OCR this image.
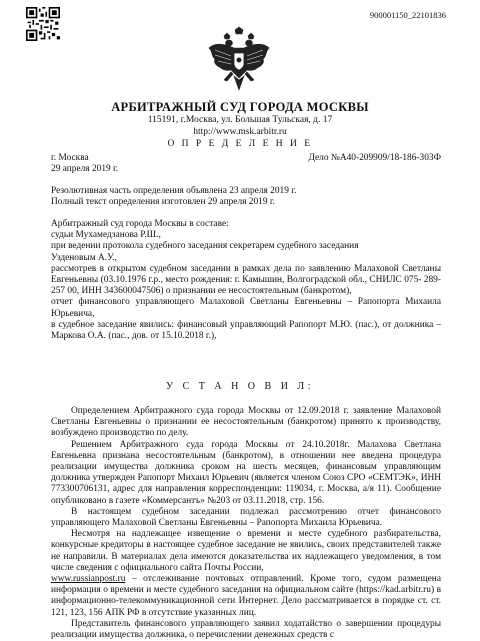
900001150_22101836
АРБИТРАЖНЫЙ СУД ГОРОДА МОСКВЫ
115191, г.Москва, ул. Большая Тульская, д. 17
http://www.msk.arbitr.ru
О П Р Е Д Е Л Е Н И Е
г. Москва	Дело №А40-209909/18-186-303Ф
29 апреля 2019 г.
Резолютивная часть определения объявлена 23 апреля 2019 г.
Полный текст определения изготовлен 29 апреля 2019 г.
Арбитражный суд города Москвы в составе:
судьи Мухамедзанова Р.Ш.,
при ведении протокола судебного заседания секретарем судебного заседания
Узденовым А.У.,

рассмотрев в открытом судебном заседании в рамках дела по заявлению Малаховой Светланы Евгеньевны (03.10.1976 г.р., место рождения: г. Камышин, Волгоградской обл., СНИЛС 075- 289-257 00, ИНН 343600047506) о признании ее несостоятельным (банкротом),

отчет финансового управляющего Малаховой Светланы Евгеньевны – Рапопорта Михаила Юрьевича,

в судебное заседание явились: финансовый управляющий Рапопорт М.Ю. (пас.), от должника – Маркова О.А. (пас., дов. от 15.10.2018 г.),

У С Т А Н О В И Л:

Определением Арбитражного суда города Москвы от 12.09.2018 г. заявление Малаховой Светланы Евгеньевны о признании ее несостоятельным (банкротом) принято к производству, возбуждено производство по делу.

Решением Арбитражного суда города Москвы от 24.10.2018г. Малахова Светлана Евгеньевна признана несостоятельным (банкротом), в отношении нее введена процедура реализации имущества должника сроком на шесть месяцев, финансовым управляющим должника утвержден Рапопорт Михаил Юрьевич (является членом Союз СРО «СЕМТЭК», ИНН 773300706131, адрес для направления корреспонденции: 119034, г. Москва, а/я 11). Сообщение опубликовано в газете «Коммерсантъ» №203 от 03.11.2018, стр. 156.

В настоящем судебном заседании подлежал рассмотрению отчет финансового управляющего Малаховой Светланы Евгеньевны – Рапопорта Михаила Юрьевича.

Несмотря на надлежащее извещение о времени и месте судебного разбирательства, конкурсные кредиторы в настоящее судебное заседание не явились, своих представителей также не направили. В материалах дела имеются доказательства их надлежащего уведомления, в том числе сведения с официального сайта Почты России,
www.russianpost.ru – отслеживание почтовых отправлений. Кроме того, судом размещена информация о времени и месте судебного заседания на официальном сайте (https://kad.arbitr.ru) в информационно-телекоммуникационной сети Интернет. Дело рассматривается в порядке ст. ст. 121, 123, 156 АПК РФ в отсутствие указанных лиц.

Представитель финансового управляющего заявил ходатайство о завершении процедуры реализации имущества должника, о перечислении денежных средств с
